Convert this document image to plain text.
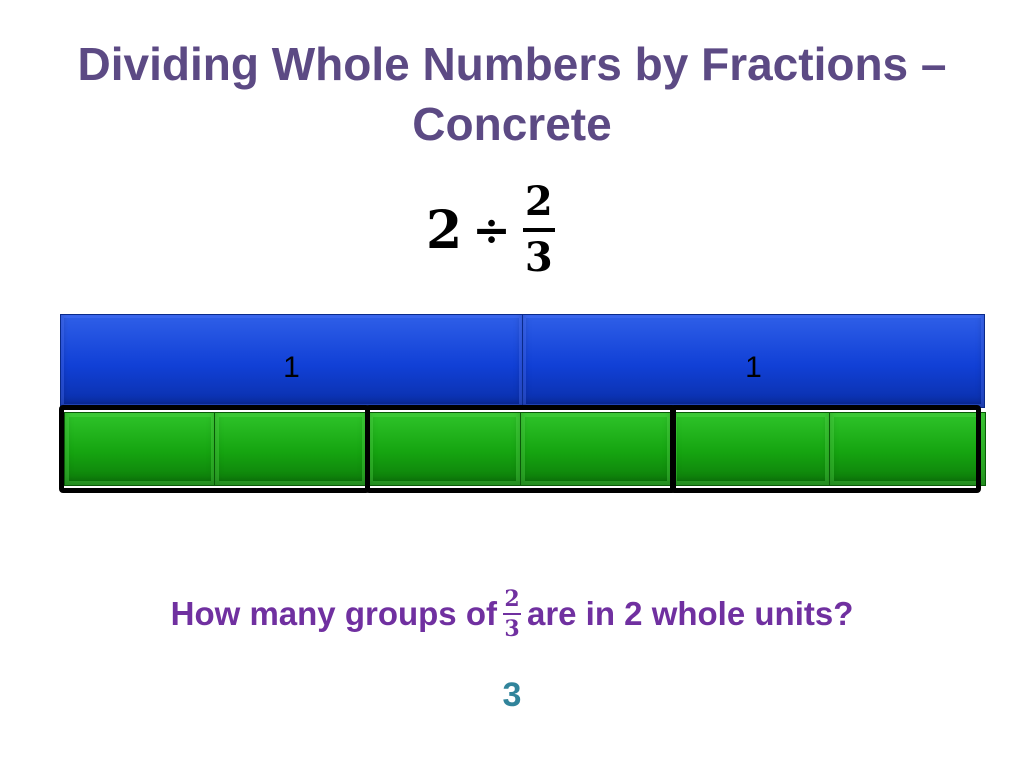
Dividing Whole Numbers by Fractions –
Concrete
$2 \div \frac{2}{3}$
1	1
How many groups of $\frac{2}{3}$ are in 2 whole units?
3
